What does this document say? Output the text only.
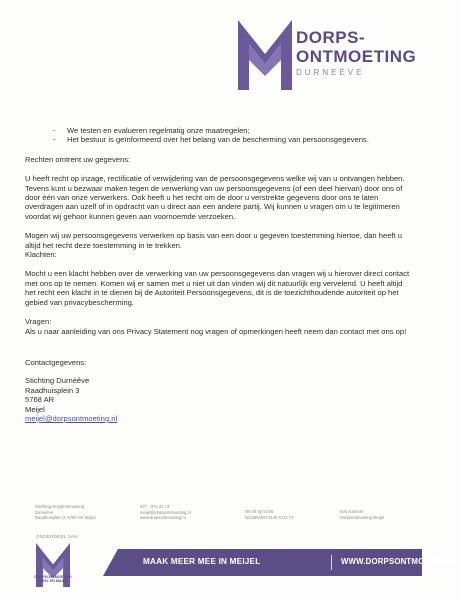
DORPS-
ONTMOETING
DURNEÉVE
- We testen en evalueren regelmatig onze maatregelen;
- Het bestuur is geïnformeerd over het belang van de bescherming van persoonsgegevens.

Rechten omtrent uw gegevens:

U heeft recht op inzage, rectificatie of verwijdering van de persoonsgegevens welke wij van u ontvangen hebben. Tevens kunt u bezwaar maken tegen de verwerking van uw persoonsgegevens (of een deel hiervan) door ons of door één van onze verwerkers. Ook heeft u het recht om de door u verstrekte gegevens door ons te laten overdragen aan uzelf of in opdracht van u direct aan een andere partij. Wij kunnen u vragen om u te legitimeren voordat wij gehoor kunnen geven aan voornoemde verzoeken.

Mogen wij uw persoonsgegevens verwerken op basis van een door u gegeven toestemming hiertoe, dan heeft u altijd het recht deze toestemming in te trekken.

Klachten:

Mocht u een klacht hebben over de verwerking van uw persoonsgegevens dan vragen wij u hierover direct contact met ons op te nemen. Komen wij er samen met u niet uit dan vinden wij dit natuurlijk erg vervelend. U heeft altijd het recht een klacht in te dienen bij de Autoriteit Persoonsgegevens, dit is de toezichthoudende autoriteit op het gebied van privacybescherming.

Vragen:

Als u naar aanleiding van ons Privacy Statement nog vragen of opmerkingen heeft neem dan contact met ons op!

Contactgegevens:

Stichting Durnéêve

Raadhuisplein 3

5768 AR

Meijel

meijel@dorpsontmoeting.nl

Stichting Dorpsontmoeting
Durnéêve
Raadhuisplein 3, 5768 AR Meijel
077 - 374 31 74
meijel@dorpsontmoeting.nl
www.dorpsontmoeting.nl
Tel 06 55 53 05
NL93RABO 0125 5711 74
Kvk nummer
Dorpsontmoeting Meijel
ONDERDEEL VAN
DORPSONTMOETING PEEL EN MAAS
MAAK MEER MEE IN MEIJEL	WWW.DORPSONTMOETING.NL
